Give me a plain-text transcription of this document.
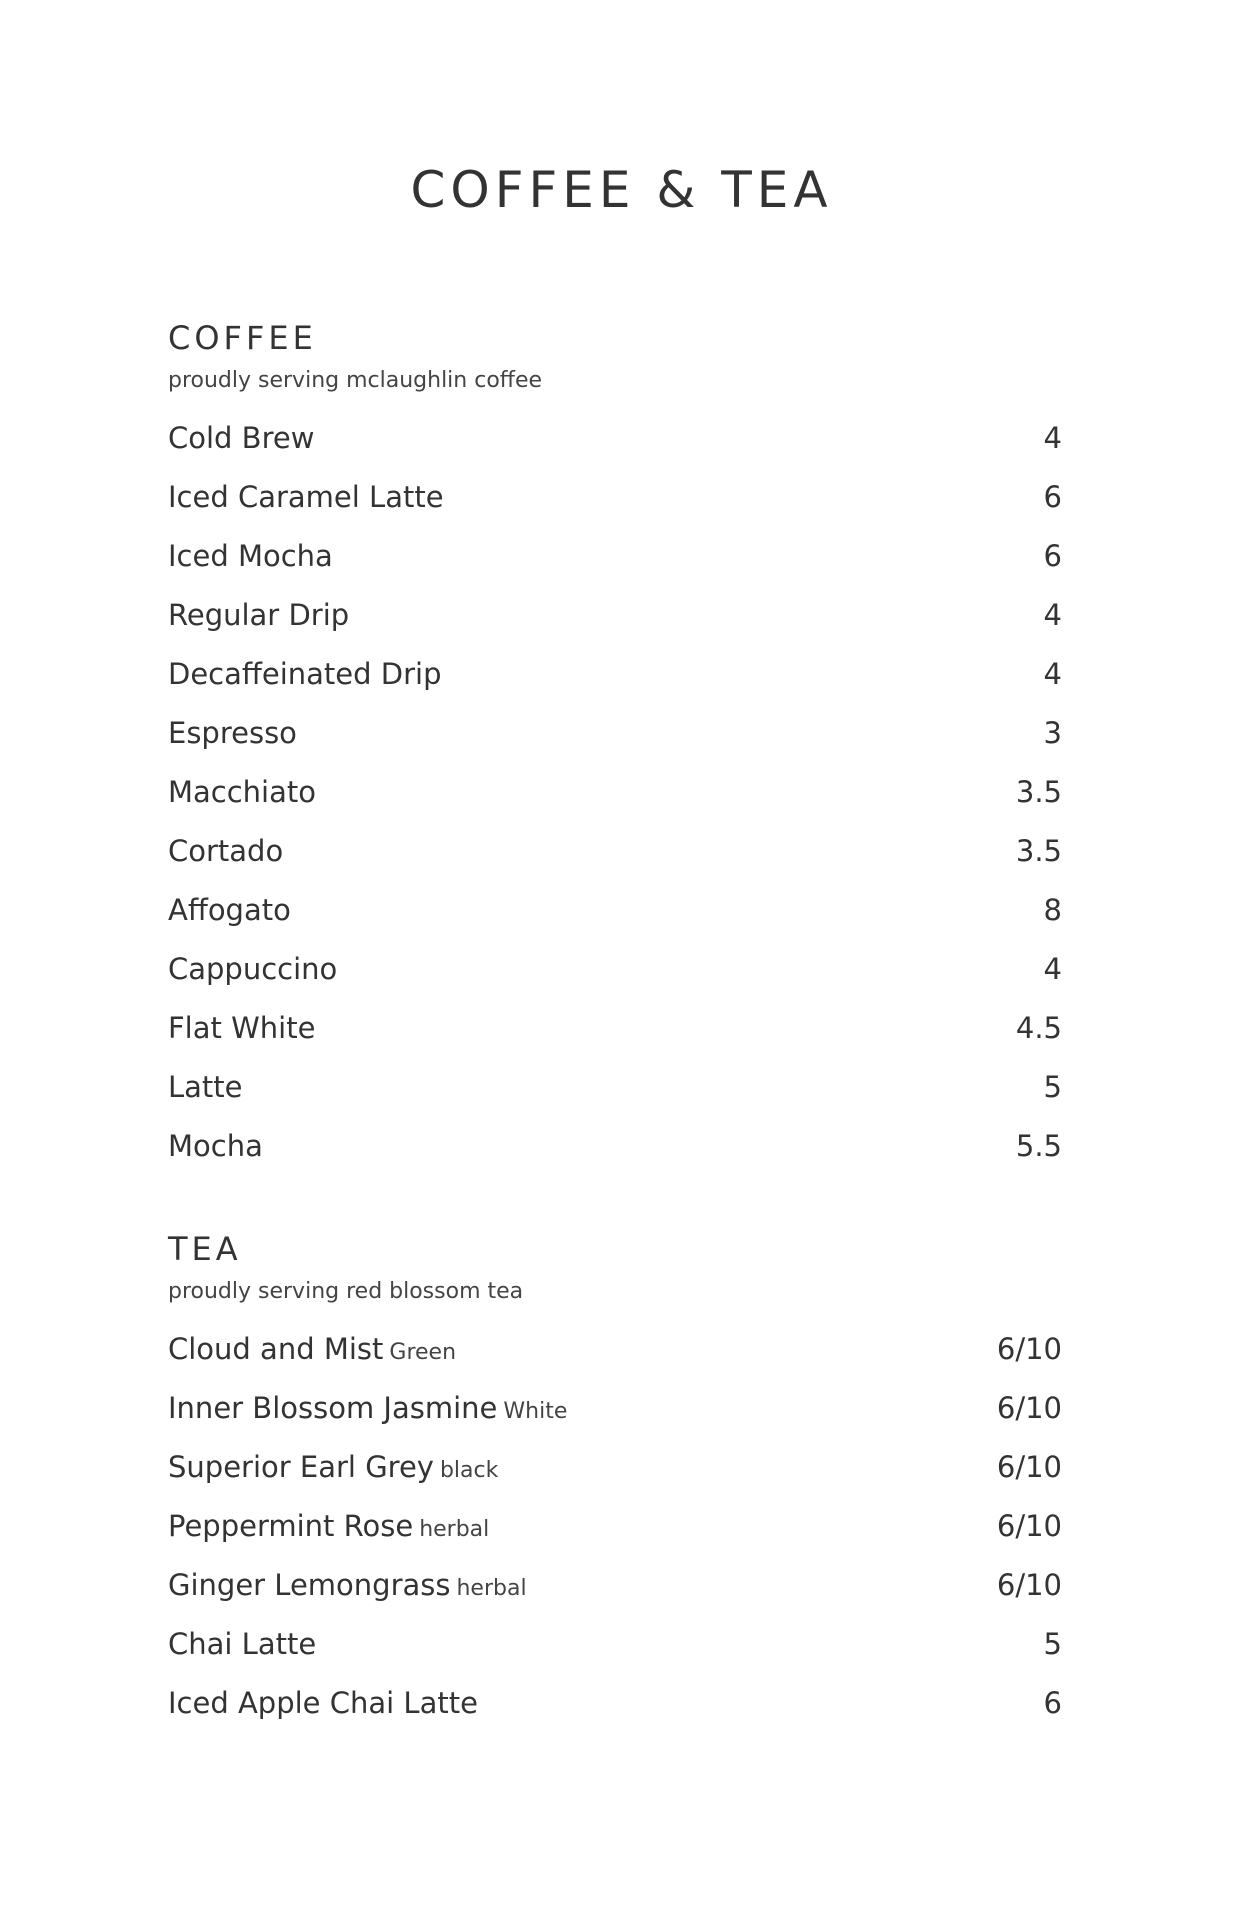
COFFEE & TEA
COFFEE

proudly serving mclaughlin coffee

Cold Brew	4
Iced Caramel Latte	6
Iced Mocha	6
Regular Drip	4
Decaffeinated Drip	4
Espresso	3
Macchiato	3.5
Cortado	3.5
Affogato	8
Cappuccino	4
Flat White	4.5
Latte	5
Mocha	5.5
TEA

proudly serving red blossom tea

Cloud and Mist Green	6/10
Inner Blossom Jasmine White	6/10
Superior Earl Grey black	6/10
Peppermint Rose herbal	6/10
Ginger Lemongrass herbal	6/10
Chai Latte	5
Iced Apple Chai Latte	6
